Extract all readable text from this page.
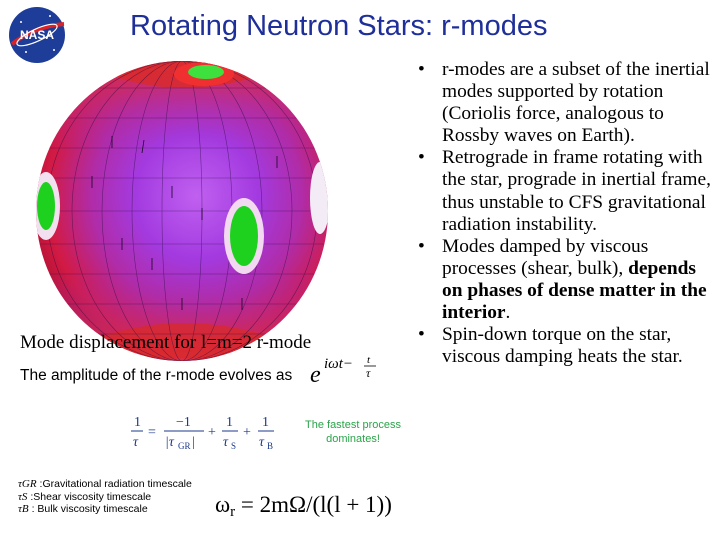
NASA	Rotating Neutron Stars: r-modes
• r-modes are a subset of the inertial modes supported by rotation (Coriolis force, analogous to Rossby waves on Earth).
• Retrograde in frame rotating with the star, prograde in inertial frame, thus unstable to CFS gravitational radiation instability.
• Modes damped by viscous processes (shear, bulk), depends on phases of dense matter in the interior.
• Spin-down torque on the star, viscous damping heats the star.
Mode displacement for l=m=2 r-mode
The amplitude of the r-mode evolves as e iωt− t
τ
1
τ
=
−1
|τ GR |
+
1
τ S
+
1
τ B
The fastest process dominates!
τGR :Gravitational radiation timescale
τS :Shear viscosity timescale
τB : Bulk viscosity timescale	$\omega_r = 2m\Omega/(l(l + 1))$
